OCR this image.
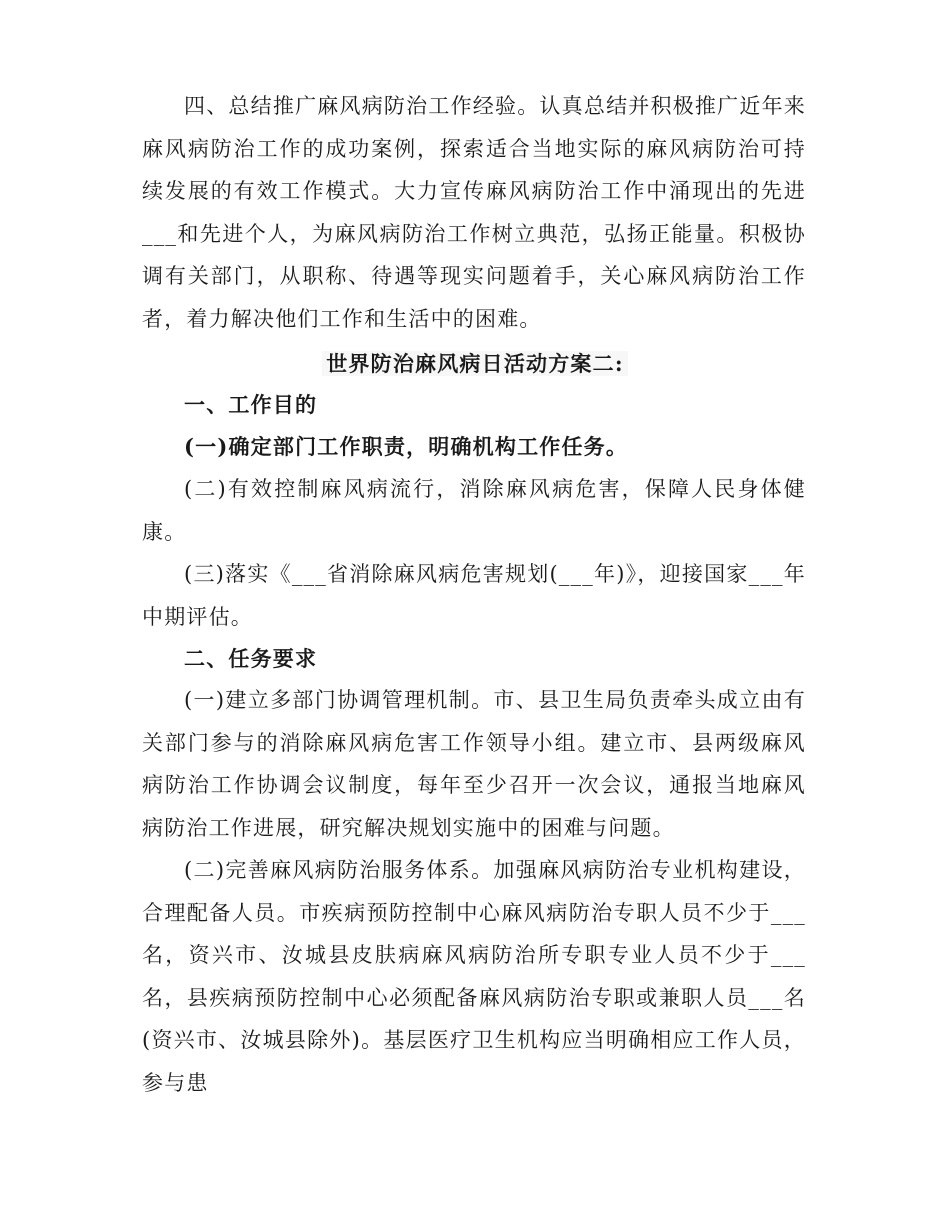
四、总结推广麻风病防治工作经验。认真总结并积极推广近年来麻风病防治工作的成功案例，探索适合当地实际的麻风病防治可持续发展的有效工作模式。大力宣传麻风病防治工作中涌现出的先进___和先进个人，为麻风病防治工作树立典范，弘扬正能量。积极协调有关部门，从职称、待遇等现实问题着手，关心麻风病防治工作者，着力解决他们工作和生活中的困难。

世界防治麻风病日活动方案二:

一、工作目的

(一)确定部门工作职责，明确机构工作任务。

(二)有效控制麻风病流行，消除麻风病危害，保障人民身体健康。

(三)落实《___省消除麻风病危害规划(___年)》，迎接国家___年中期评估。

二、任务要求

(一)建立多部门协调管理机制。市、县卫生局负责牵头成立由有关部门参与的消除麻风病危害工作领导小组。建立市、县两级麻风病防治工作协调会议制度，每年至少召开一次会议，通报当地麻风病防治工作进展，研究解决规划实施中的困难与问题。

(二)完善麻风病防治服务体系。加强麻风病防治专业机构建设，合理配备人员。市疾病预防控制中心麻风病防治专职人员不少于___名，资兴市、汝城县皮肤病麻风病防治所专职专业人员不少于___名，县疾病预防控制中心必须配备麻风病防治专职或兼职人员___名(资兴市、汝城县除外)。基层医疗卫生机构应当明确相应工作人员，参与患
